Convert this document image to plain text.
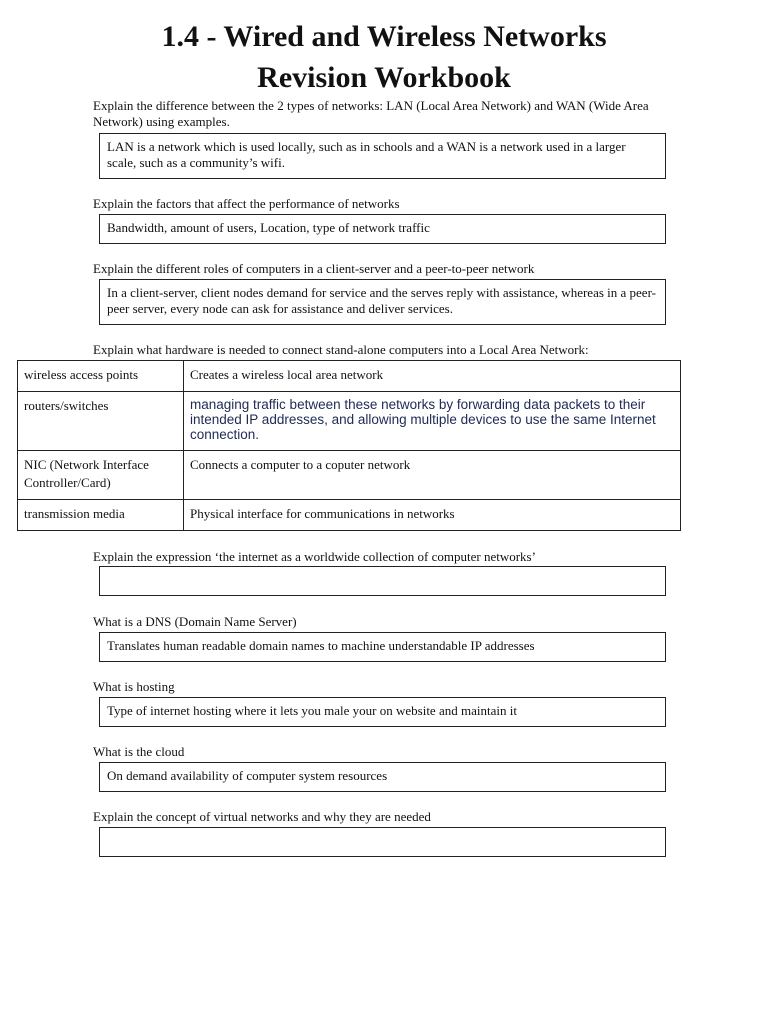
1.4 - Wired and Wireless Networks
Revision Workbook

Explain the difference between the 2 types of networks: LAN (Local Area Network) and WAN (Wide Area Network) using examples.

LAN is a network which is used locally, such as in schools and a WAN is a network used in a larger scale, such as a community’s wifi.

Explain the factors that affect the performance of networks

Bandwidth, amount of users, Location, type of network traffic

Explain the different roles of computers in a client-server and a peer-to-peer network

In a client-server, client nodes demand for service and the serves reply with assistance, whereas in a peer-peer server, every node can ask for assistance and deliver services.

Explain what hardware is needed to connect stand-alone computers into a Local Area Network:

wireless access points	Creates a wireless local area network
routers/switches	managing traffic between these networks by forwarding data packets to their intended IP addresses, and allowing multiple devices to use the same Internet connection.
NIC (Network Interface Controller/Card)	Connects a computer to a coputer network
transmission media	Physical interface for communications in networks

Explain the expression ‘the internet as a worldwide collection of computer networks’

What is a DNS (Domain Name Server)

Translates human readable domain names to machine understandable IP addresses

What is hosting

Type of internet hosting where it lets you male your on website and maintain it

What is the cloud

On demand availability of computer system resources

Explain the concept of virtual networks and why they are needed
